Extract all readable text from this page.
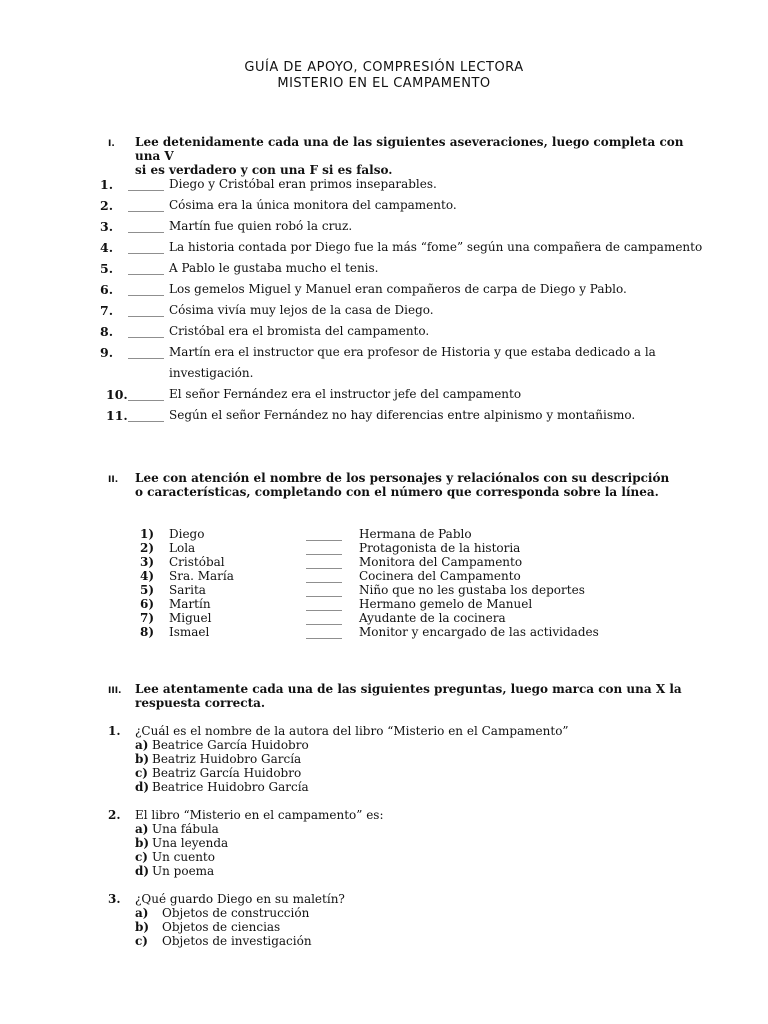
GUÍA DE APOYO, COMPRESIÓN LECTORA
MISTERIO EN EL CAMPAMENTO
I. Lee detenidamente cada una de las siguientes aseveraciones, luego completa con una V
si es verdadero y con una F si es falso.
1.	______ Diego y Cristóbal eran primos inseparables.
2.	______ Cósima era la única monitora del campamento.
3.	______ Martín fue quien robó la cruz.
4.	______ La historia contada por Diego fue la más “fome” según una compañera de campamento
5.	______ A Pablo le gustaba mucho el tenis.
6.	______ Los gemelos Miguel y Manuel eran compañeros de carpa de Diego y Pablo.
7.	______ Cósima vivía muy lejos de la casa de Diego.
8.	______ Cristóbal era el bromista del campamento.
9.	______ Martín era el instructor que era profesor de Historia y que estaba dedicado a la
investigación.
10. ______ El señor Fernández era el instructor jefe del campamento
11. ______ Según el señor Fernández no hay diferencias entre alpinismo y montañismo.
II. Lee con atención el nombre de los personajes y relaciónalos con su descripción
o características, completando con el número que corresponda sobre la línea.
1) Diego	______ Hermana de Pablo
2) Lola	______ Protagonista de la historia
3) Cristóbal	______ Monitora del Campamento
4) Sra. María	______ Cocinera del Campamento
5) Sarita	______ Niño que no les gustaba los deportes
6) Martín	______ Hermano gemelo de Manuel
7) Miguel	______ Ayudante de la cocinera
8) Ismael	______ Monitor y encargado de las actividades
III. Lee atentamente cada una de las siguientes preguntas, luego marca con una X la
respuesta correcta.
1. ¿Cuál es el nombre de la autora del libro “Misterio en el Campamento”
a) Beatrice García Huidobro
b) Beatriz Huidobro García
c) Beatriz García Huidobro
d) Beatrice Huidobro García
2. El libro “Misterio en el campamento” es:
a) Una fábula
b) Una leyenda
c) Un cuento
d) Un poema
3. ¿Qué guardo Diego en su maletín?
a) Objetos de construcción
b) Objetos de ciencias
c) Objetos de investigación
